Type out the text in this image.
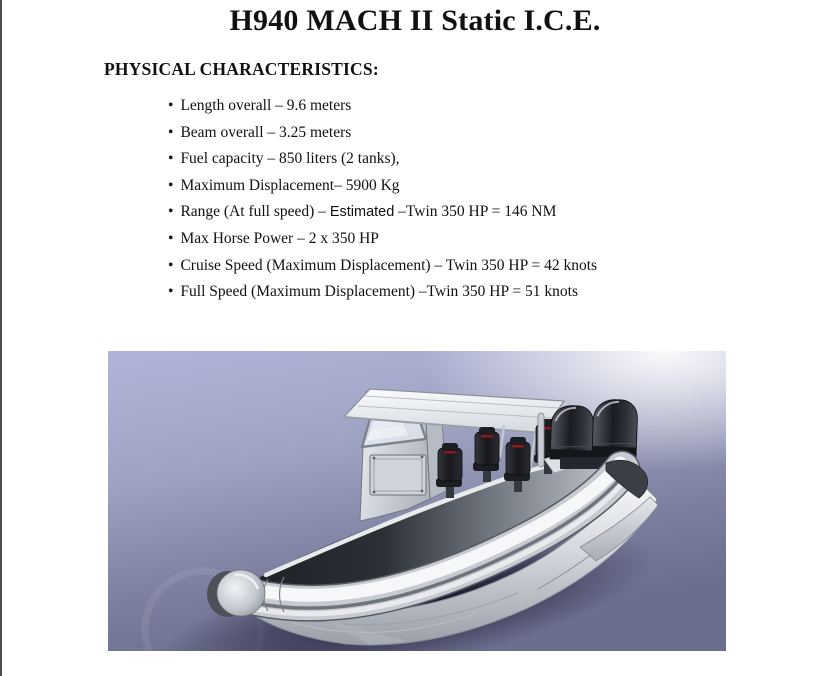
H940 MACH II Static I.C.E.
PHYSICAL CHARACTERISTICS:
• Length overall – 9.6 meters
• Beam overall – 3.25 meters
• Fuel capacity – 850 liters (2 tanks),
• Maximum Displacement– 5900 Kg
• Range (At full speed) – Estimated –Twin 350 HP = 146 NM
• Max Horse Power – 2 x 350 HP
• Cruise Speed (Maximum Displacement) – Twin 350 HP = 42 knots
• Full Speed (Maximum Displacement) –Twin 350 HP = 51 knots
